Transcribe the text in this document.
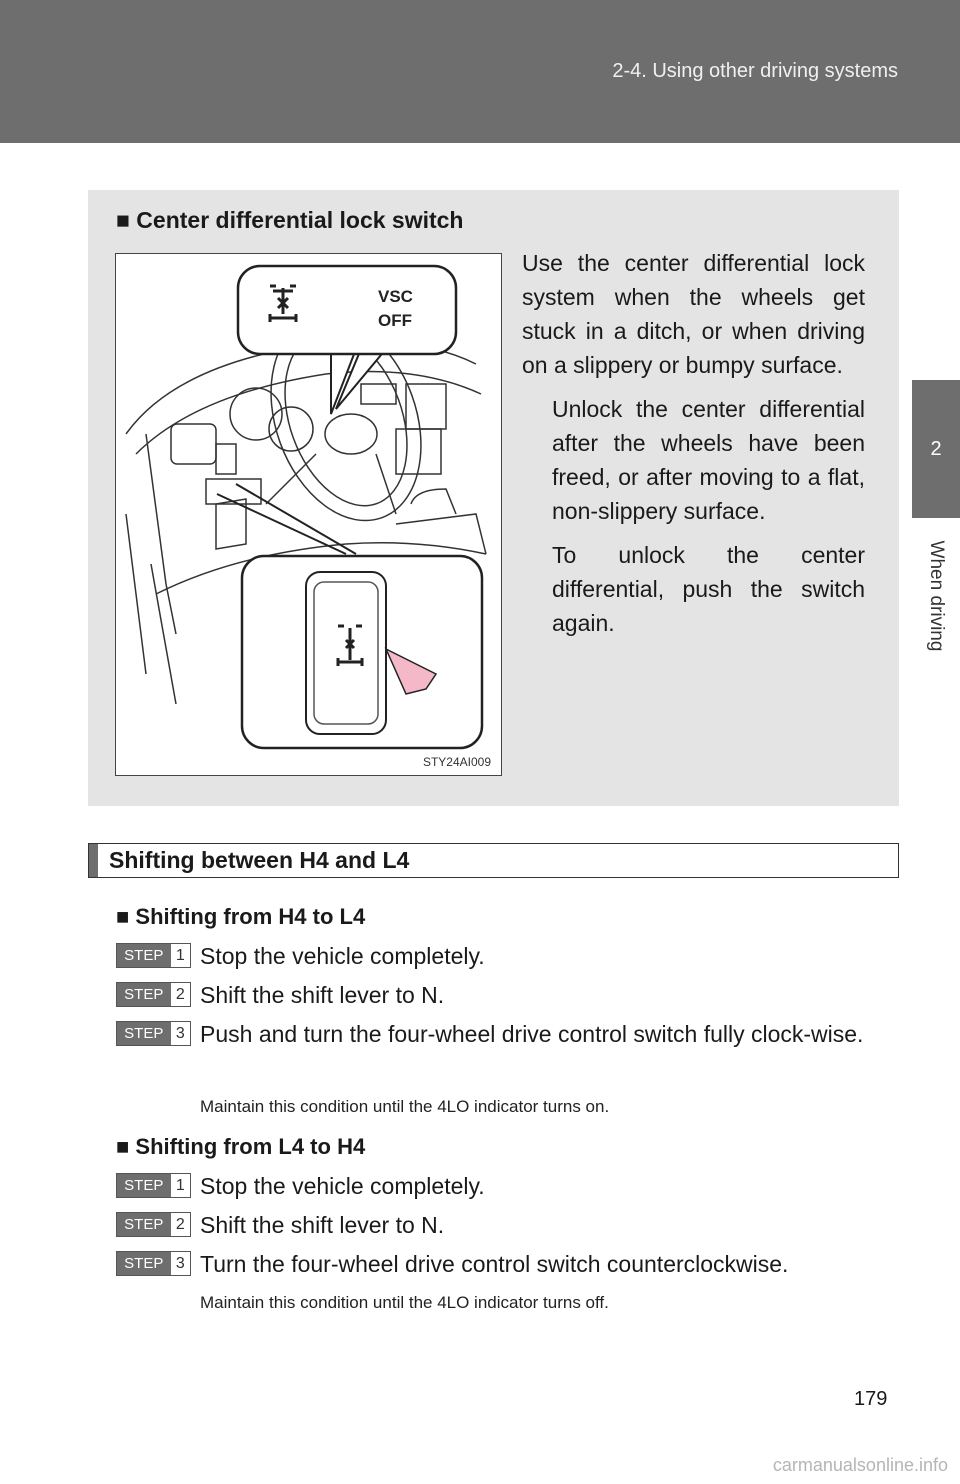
2-4. Using other driving systems
2
When driving
■ Center differential lock switch
VSC
OFF
STY24AI009

Use the center differential lock system when the wheels get stuck in a ditch, or when driving on a slippery or bumpy surface.

Unlock the center differential after the wheels have been freed, or after moving to a flat, non-slippery surface.

To unlock the center differential, push the switch again.

Shifting between H4 and L4
■ Shifting from H4 to L4
STEP 1 Stop the vehicle completely.
STEP 2 Shift the shift lever to N.
STEP 3 Push and turn the four-wheel drive control switch fully clock-wise.
Maintain this condition until the 4LO indicator turns on.
■ Shifting from L4 to H4
STEP 1 Stop the vehicle completely.
STEP 2 Shift the shift lever to N.
STEP 3 Turn the four-wheel drive control switch counterclockwise.
Maintain this condition until the 4LO indicator turns off.
179
carmanualsonline.info
